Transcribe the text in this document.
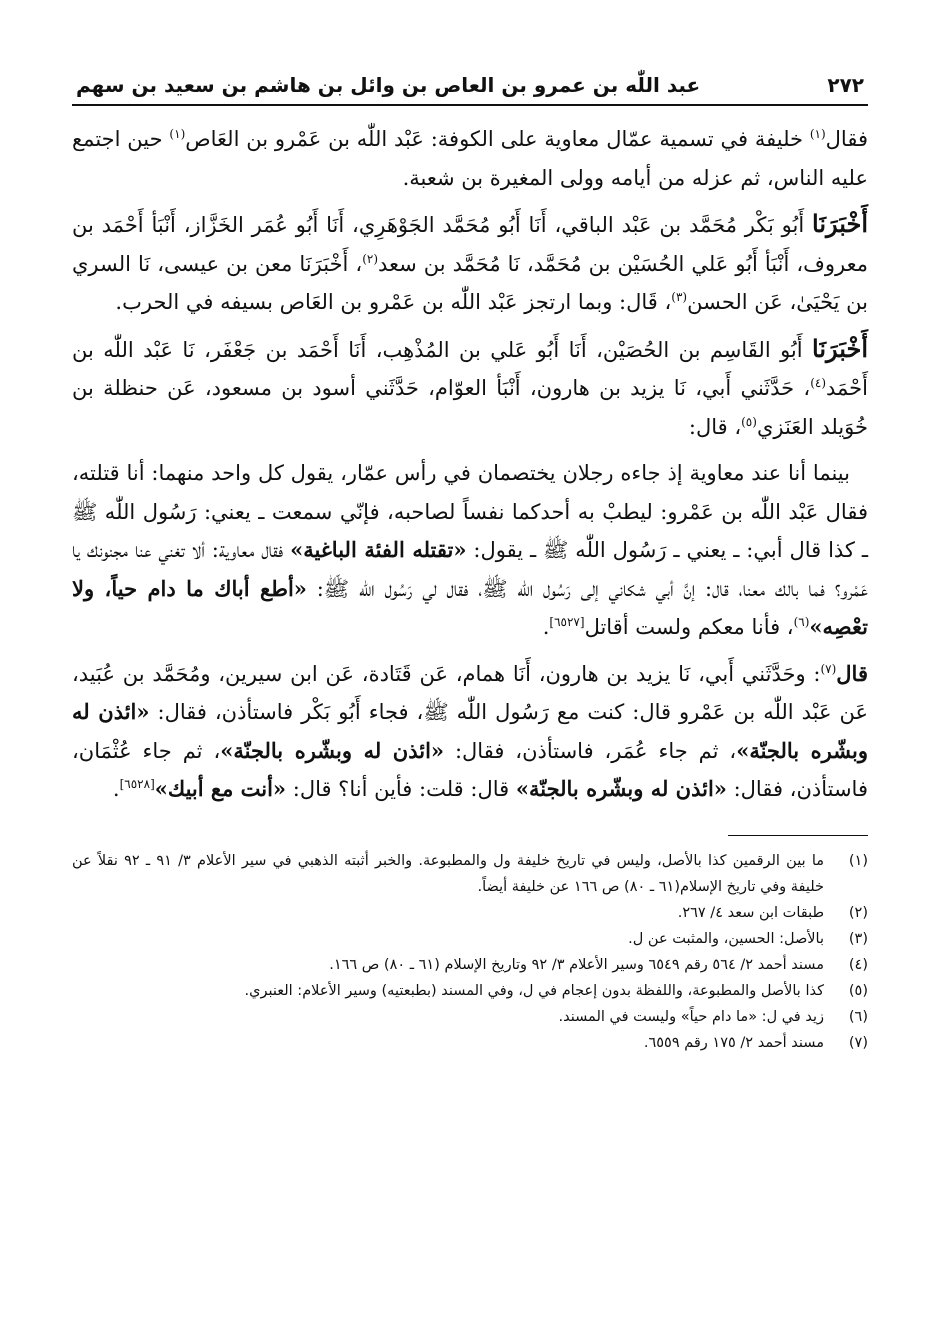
٢٧٢
عبد اللّٰه بن عمرو بن العاص بن وائل بن هاشم بن سعيد بن سهم

فقال$^{(١)}$ خليفة في تسمية عمّال معاوية على الكوفة: عَبْد اللّٰه بن عَمْرو بن العَاص$^{(١)}$ حين اجتمع عليه الناس، ثم عزله من أيامه وولى المغيرة بن شعبة.

أَخْبَرَنَا أَبُو بَكْر مُحَمَّد بن عَبْد الباقي، أَنَا أَبُو مُحَمَّد الجَوْهَرِي، أَنَا أَبُو عُمَر الخَزَّاز، أَنْبَأ أَحْمَد بن معروف، أَنْبَأ أَبُو عَلي الحُسَيْن بن مُحَمَّد، نَا مُحَمَّد بن سعد$^{(٢)}$، أَخْبَرَنَا معن بن عيسى، نَا السري بن يَحْيَىٰ، عَن الحسن$^{(٣)}$، قَال: وبما ارتجز عَبْد اللّٰه بن عَمْرو بن العَاص بسيفه في الحرب.

أَخْبَرَنَا أَبُو القَاسِم بن الحُصَيْن، أَنَا أَبُو عَلي بن المُذْهِب، أَنَا أَحْمَد بن جَعْفَر، نَا عَبْد اللّٰه بن أَحْمَد$^{(٤)}$، حَدَّثَني أَبي، نَا يزيد بن هارون، أَنْبَأ العوّام، حَدَّثَني أسود بن مسعود، عَن حنظلة بن خُوَيلد العَنَزي$^{(٥)}$، قال:

بينما أنا عند معاوية إذ جاءه رجلان يختصمان في رأس عمّار، يقول كل واحد منهما: أنا قتلته، فقال عَبْد اللّٰه بن عَمْرو: ليطبْ به أحدكما نفساً لصاحبه، فإنّي سمعت ـ يعني: رَسُول اللّٰه ﷺ ـ كذا قال أبي: ـ يعني ـ رَسُول اللّٰه ﷺ ـ يقول: «تقتله الفئة الباغية» فقال معاوية: ألا تغني عنا مجنونك يا عَمْرو؟ فما بالك معنا، قال: إنَّ أبي شكاني إلى رَسُول اللّٰه ﷺ، فقال لي رَسُول اللّٰه ﷺ: «أطع أباك ما دام حياً، ولا تعْصِه»$^{(٦)}$، فأنا معكم ولست أقاتل[٦٥٢٧].

قال$^{(٧)}$: وحَدَّثَني أَبي، نَا يزيد بن هارون، أَنَا همام، عَن قَتَادة، عَن ابن سيرين، ومُحَمَّد بن عُبَيد، عَن عَبْد اللّٰه بن عَمْرو قال: كنت مع رَسُول اللّٰه ﷺ، فجاء أَبُو بَكْر فاستأذن، فقال: «ائذن له وبشّره بالجنّة»، ثم جاء عُمَر، فاستأذن، فقال: «ائذن له وبشّره بالجنّة»، ثم جاء عُثْمَان، فاستأذن، فقال: «ائذن له وبشّره بالجنّة» قال: قلت: فأين أنا؟ قال: «أنت مع أبيك»[٦٥٢٨].

(١)
ما بين الرقمين كذا بالأصل، وليس في تاريخ خليفة ول والمطبوعة. والخبر أثبته الذهبي في سير الأعلام ٣/ ٩١ ـ ٩٢ نقلاً عن خليفة وفي تاريخ الإسلام(٦١ ـ ٨٠) ص ١٦٦ عن خليفة أيضاً.
(٢)
طبقات ابن سعد ٤/ ٢٦٧.
(٣)
بالأصل: الحسين، والمثبت عن ل.
(٤)
مسند أحمد ٢/ ٥٦٤ رقم ٦٥٤٩ وسير الأعلام ٣/ ٩٢ وتاريخ الإسلام (٦١ ـ ٨٠) ص ١٦٦.
(٥)
كذا بالأصل والمطبوعة، واللفظة بدون إعجام في ل، وفي المسند (بطبعتيه) وسير الأعلام: العنبري.
(٦)
زيد في ل: «ما دام حياً» وليست في المسند.
(٧)
مسند أحمد ٢/ ١٧٥ رقم ٦٥٥٩.
